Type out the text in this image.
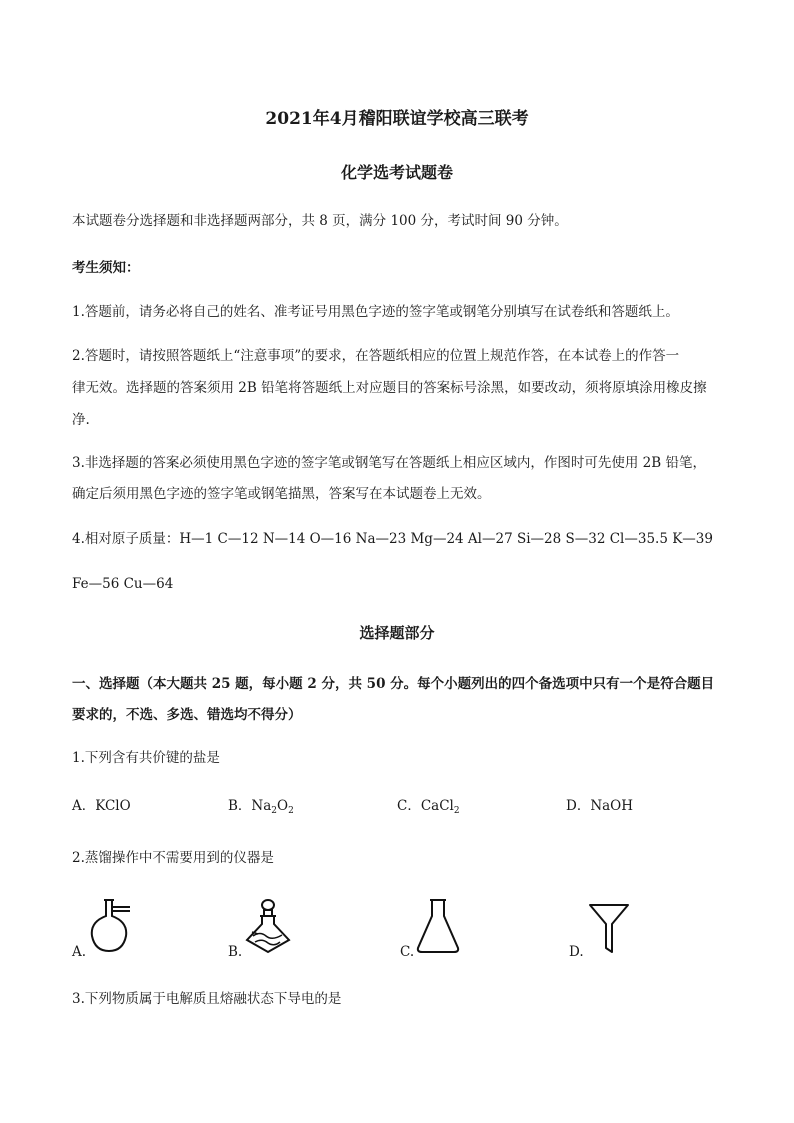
2021年4月稽阳联谊学校高三联考
化学选考试题卷
本试题卷分选择题和非选择题两部分，共 8 页，满分 100 分，考试时间 90 分钟。
考生须知：
1.答题前，请务必将自己的姓名、准考证号用黑色字迹的签字笔或钢笔分别填写在试卷纸和答题纸上。
2.答题时，请按照答题纸上“注意事项”的要求，在答题纸相应的位置上规范作答，在本试卷上的作答一
律无效。选择题的答案须用 2B 铅笔将答题纸上对应题目的答案标号涂黑，如要改动，须将原填涂用橡皮擦
净.
3.非选择题的答案必须使用黑色字迹的签字笔或钢笔写在答题纸上相应区域内，作图时可先使用 2B 铅笔，
确定后须用黑色字迹的签字笔或钢笔描黑，答案写在本试题卷上无效。
4.相对原子质量：H—1 C—12 N—14 O—16 Na—23 Mg—24 Al—27 Si—28 S—32 Cl—35.5 K—39
Fe—56 Cu—64
选择题部分
一、选择题（本大题共 25 题，每小题 2 分，共 50 分。每个小题列出的四个备选项中只有一个是符合题目
要求的，不选、多选、错选均不得分）
1.下列含有共价键的盐是
A．KClO	B．$Na_2O_2$	C．CaCl$_2$	D．NaOH
2.蒸馏操作中不需要用到的仪器是
A.	B.	C.	D.
3.下列物质属于电解质且熔融状态下导电的是
